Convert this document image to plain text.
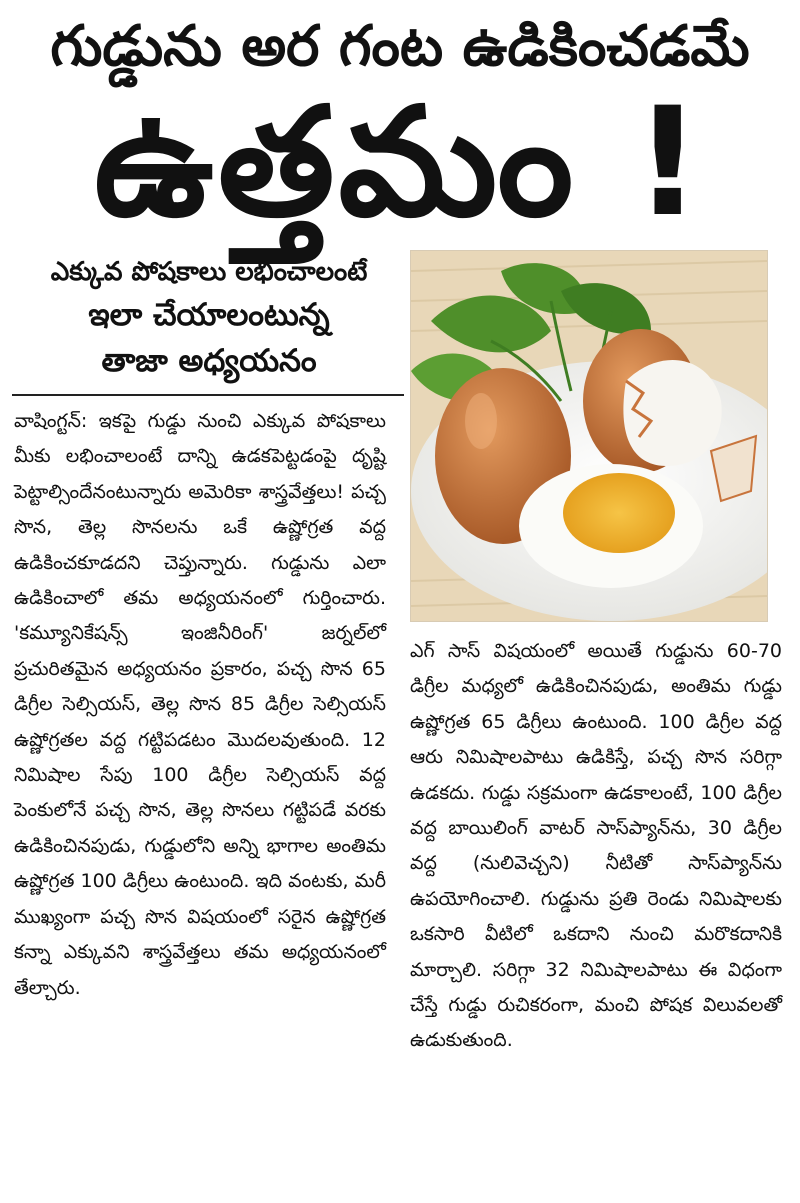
గుడ్డును అర గంట ఉడికించడమే
ఉత్తమం !
ఎక్కువ పోషకాలు లభించాలంటే
ఇలా చేయాలంటున్న
తాజా అధ్యయనం

వాషింగ్టన్: ఇకపై గుడ్డు నుంచి ఎక్కువ పోషకాలు మీకు లభించాలంటే దాన్ని ఉడకపెట్టడంపై దృష్టి పెట్టాల్సిందేనంటున్నారు అమెరికా శాస్త్రవేత్తలు! పచ్చ సొన, తెల్ల సొనలను ఒకే ఉష్ణోగ్రత వద్ద ఉడికించకూడదని చెప్తున్నారు. గుడ్డును ఎలా ఉడికించాలో తమ అధ్యయనంలో గుర్తించారు. 'కమ్యూనికేషన్స్ ఇంజినీరింగ్' జర్నల్‌లో ప్రచురితమైన అధ్యయనం ప్రకారం, పచ్చ సొన 65 డిగ్రీల సెల్సియస్, తెల్ల సొన 85 డిగ్రీల సెల్సియస్ ఉష్ణోగ్రతల వద్ద గట్టిపడటం మొదలవుతుంది. 12 నిమిషాల సేపు 100 డిగ్రీల సెల్సియస్ వద్ద పెంకులోనే పచ్చ సొన, తెల్ల సొనలు గట్టిపడే వరకు ఉడికించినపుడు, గుడ్డులోని అన్ని భాగాల అంతిమ ఉష్ణోగ్రత 100 డిగ్రీలు ఉంటుంది. ఇది వంటకు, మరీ ముఖ్యంగా పచ్చ సొన విషయంలో సరైన ఉష్ణోగ్రత కన్నా ఎక్కువని శాస్త్రవేత్తలు తమ అధ్యయనంలో తేల్చారు.

ఎగ్ సాస్ విషయంలో అయితే గుడ్డును 60-70 డిగ్రీల మధ్యలో ఉడికించినపుడు, అంతిమ గుడ్డు ఉష్ణోగ్రత 65 డిగ్రీలు ఉంటుంది. 100 డిగ్రీల వద్ద ఆరు నిమిషాలపాటు ఉడికిస్తే, పచ్చ సొన సరిగ్గా ఉడకదు. గుడ్డు సక్రమంగా ఉడకాలంటే, 100 డిగ్రీల వద్ద బాయిలింగ్ వాటర్ సాస్‌ప్యాన్‌ను, 30 డిగ్రీల వద్ద (నులివెచ్చని) నీటితో సాస్‌ప్యాన్‌ను ఉపయోగించాలి. గుడ్డును ప్రతి రెండు నిమిషాలకు ఒకసారి వీటిలో ఒకదాని నుంచి మరొకదానికి మార్చాలి. సరిగ్గా 32 నిమిషాలపాటు ఈ విధంగా చేస్తే గుడ్డు రుచికరంగా, మంచి పోషక విలువలతో ఉడుకుతుంది.
